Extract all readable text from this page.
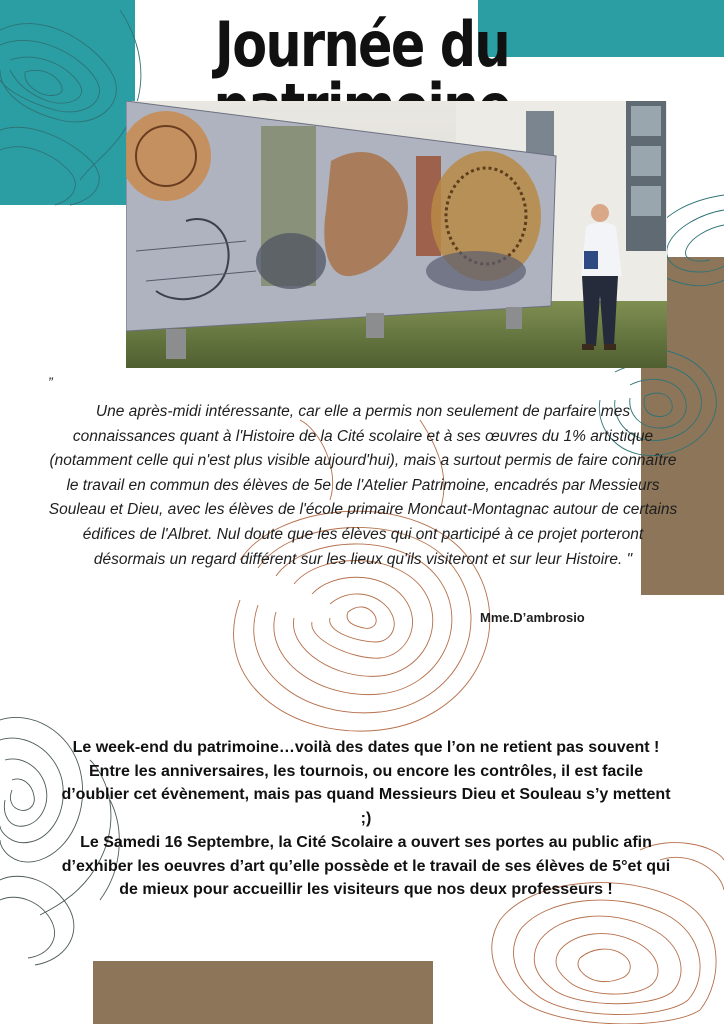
Journée du

”

Une après-midi intéressante, car elle a permis non seulement de parfaire mes connaissances quant à l'Histoire de la Cité scolaire et à ses œuvres du 1% artistique (notamment celle qui n'est plus visible aujourd'hui), mais a surtout permis de faire connaître le travail en commun des élèves de 5e de l'Atelier Patrimoine, encadrés par Messieurs Souleau et Dieu, avec les élèves de l'école primaire Moncaut-Montagnac autour de certains édifices de l'Albret. Nul doute que les élèves qui ont participé à ce projet porteront désormais un regard différent sur les lieux qu'ils visiteront et sur leur Histoire. "

Mme.D’ambrosio

Le week-end du patrimoine…voilà des dates que l’on ne retient pas souvent ! Entre les anniversaires, les tournois, ou encore les contrôles, il est facile d’oublier cet évènement, mais pas quand Messieurs Dieu et Souleau s’y mettent ;)

Le Samedi 16 Septembre, la Cité Scolaire a ouvert ses portes au public afin d’exhiber les oeuvres d’art qu’elle possède et le travail de ses élèves de 5°et qui de mieux pour accueillir les visiteurs que nos deux professeurs !
